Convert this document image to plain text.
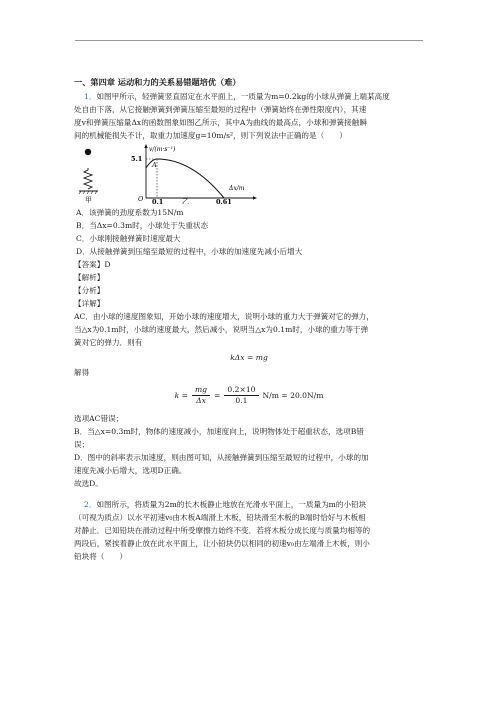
一、第四章 运动和力的关系易错题培优（难）

1．如图甲所示，轻弹簧竖直固定在水平面上，一质量为m=0.2kg的小球从弹簧上端某高度

处自由下落，从它接触弹簧到弹簧压缩至最短的过程中（弹簧始终在弹性限度内），其速

度v和弹簧压缩量Δx的函数图象如图乙所示，其中A为曲线的最高点，小球和弹簧接触瞬

间的机械能损失不计，取重力加速度g=10m/s²，则下列说法中正确的是（　　）

甲
v/(m·s⁻¹)
5.1
A
Δx/m
O 0.1	0.61
乙

A．该弹簧的劲度系数为15N/m

B．当Δx=0.3m时，小球处于失重状态

C．小球刚接触弹簧时速度最大

D．从接触弹簧到压缩至最短的过程中，小球的加速度先减小后增大

【答案】D

【解析】

【分析】

【详解】

AC．由小球的速度图象知，开始小球的速度增大，说明小球的重力大于弹簧对它的弹力，

当△x为0.1m时，小球的速度最大，然后减小，说明当△x为0.1m时，小球的重力等于弹

簧对它的弹力．则有

kΔx = mg

解得

$k = \frac{mg}{\Delta x} = \frac{0.2\times 10}{0.1} N/m = 20.0N/m$

选项AC错误；

B．当△x=0.3m时，物体的速度减小，加速度向上，说明物体处于超重状态，选项B错

误；

D．图中的斜率表示加速度，则由图可知，从接触弹簧到压缩至最短的过程中，小球的加

速度先减小后增大，选项D正确。

故选D。

2．如图所示，将质量为2m的长木板静止地放在光滑水平面上，一质量为m的小铅块

（可视为质点）以水平初速v₀由木板A端滑上木板，铅块滑至木板的B端时恰好与木板相

对静止．已知铅块在滑动过程中所受摩擦力始终不变．若将木板分成长度与质量均相等的

两段后，紧挨着静止放在此水平面上，让小铅块仍以相同的初速v₀由左端滑上木板，则小

铅块将（　　）
